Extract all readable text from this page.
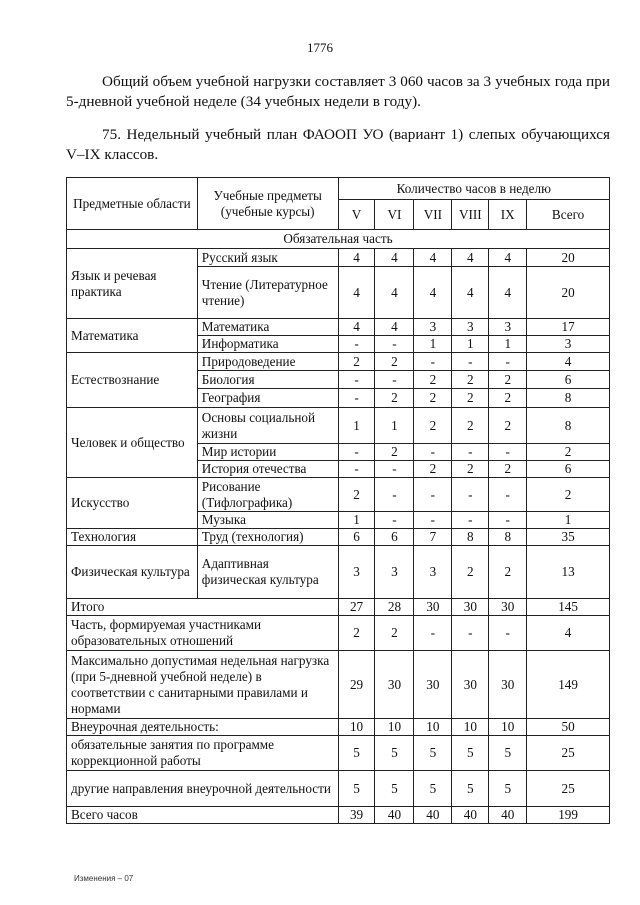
1776
Общий объем учебной нагрузки составляет 3 060 часов за 3 учебных года при 5-дневной учебной неделе (34 учебных недели в году).
75. Недельный учебный план ФАООП УО (вариант 1) слепых обучающихся V–IX классов.
Предметные области	Учебные предметы (учебные курсы)	Количество часов в неделю					
		V	VI	VII	VIII	IX	Всего
Обязательная часть							
Язык и речевая практика	Русский язык	4	4	4	4	4	20
	Чтение (Литературное чтение)	4	4	4	4	4	20
Математика	Математика	4	4	3	3	3	17
	Информатика	-	-	1	1	1	3
Естествознание	Природоведение	2	2	-	-	-	4
	Биология	-	-	2	2	2	6
	География	-	2	2	2	2	8
Человек и общество	Основы социальной жизни	1	1	2	2	2	8
	Мир истории	-	2	-	-	-	2
	История отечества	-	-	2	2	2	6
Искусство	Рисование (Тифлографика)	2	-	-	-	-	2
	Музыка	1	-	-	-	-	1
Технология	Труд (технология)	6	6	7	8	8	35
Физическая культура	Адаптивная физическая культура	3	3	3	2	2	13
Итого		27	28	30	30	30	145
Часть, формируемая участниками образовательных отношений		2	2	-	-	-	4
Максимально допустимая недельная нагрузка (при 5-дневной учебной неделе) в соответствии с санитарными правилами и нормами		29	30	30	30	30	149
Внеурочная деятельность:		10	10	10	10	10	50
обязательные занятия по программе коррекционной работы		5	5	5	5	5	25
другие направления внеурочной деятельности		5	5	5	5	5	25
Всего часов		39	40	40	40	40	199
Изменения – 07
